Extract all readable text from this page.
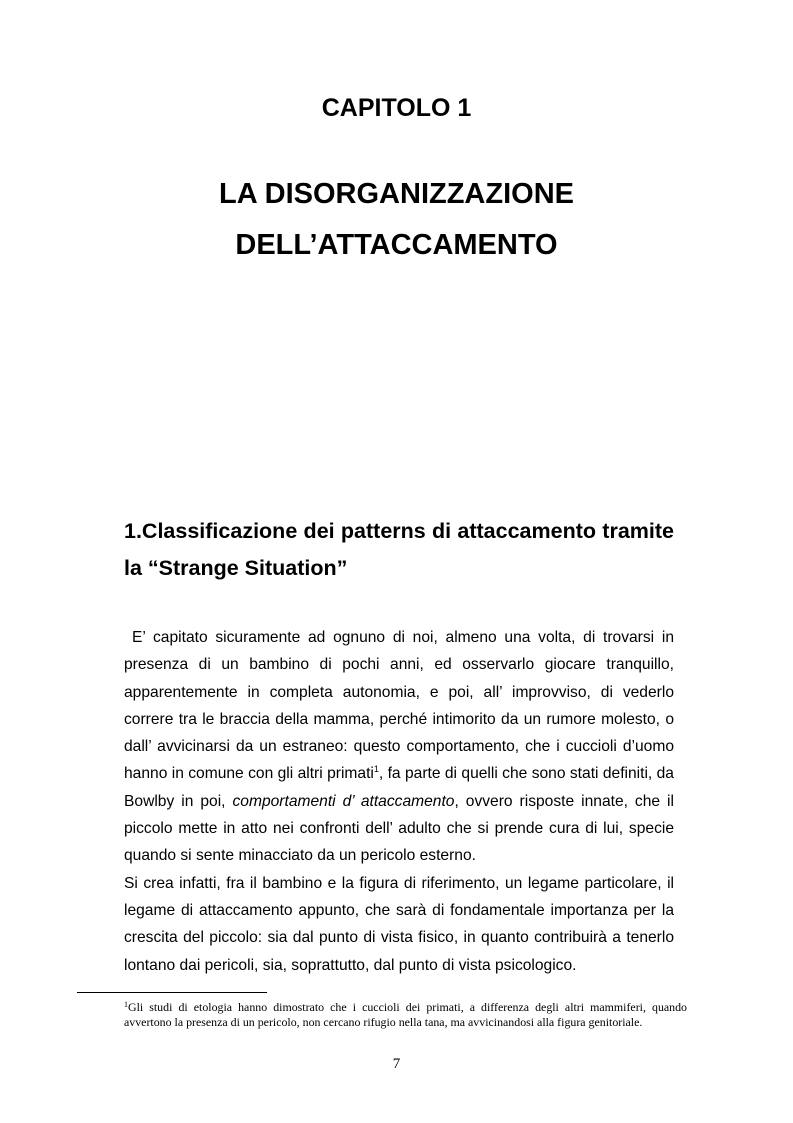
CAPITOLO 1
LA DISORGANIZZAZIONE
DELL’ATTACCAMENTO
1.Classificazione dei patterns di attaccamento tramite la “Strange Situation”

E’ capitato sicuramente ad ognuno di noi, almeno una volta, di trovarsi in presenza di un bambino di pochi anni, ed osservarlo giocare tranquillo, apparentemente in completa autonomia, e poi, all’ improvviso, di vederlo correre tra le braccia della mamma, perché intimorito da un rumore molesto, o dall’ avvicinarsi da un estraneo: questo comportamento, che i cuccioli d’uomo hanno in comune con gli altri primati$^1$, fa parte di quelli che sono stati definiti, da Bowlby in poi, comportamenti d’ attaccamento, ovvero risposte innate, che il piccolo mette in atto nei confronti dell’ adulto che si prende cura di lui, specie quando si sente minacciato da un pericolo esterno.

Si crea infatti, fra il bambino e la figura di riferimento, un legame particolare, il legame di attaccamento appunto, che sarà di fondamentale importanza per la crescita del piccolo: sia dal punto di vista fisico, in quanto contribuirà a tenerlo lontano dai pericoli, sia, soprattutto, dal punto di vista psicologico.

$^1$Gli studi di etologia hanno dimostrato che i cuccioli dei primati, a differenza degli altri mammiferi, quando avvertono la presenza di un pericolo, non cercano rifugio nella tana, ma avvicinandosi alla figura genitoriale.
7
